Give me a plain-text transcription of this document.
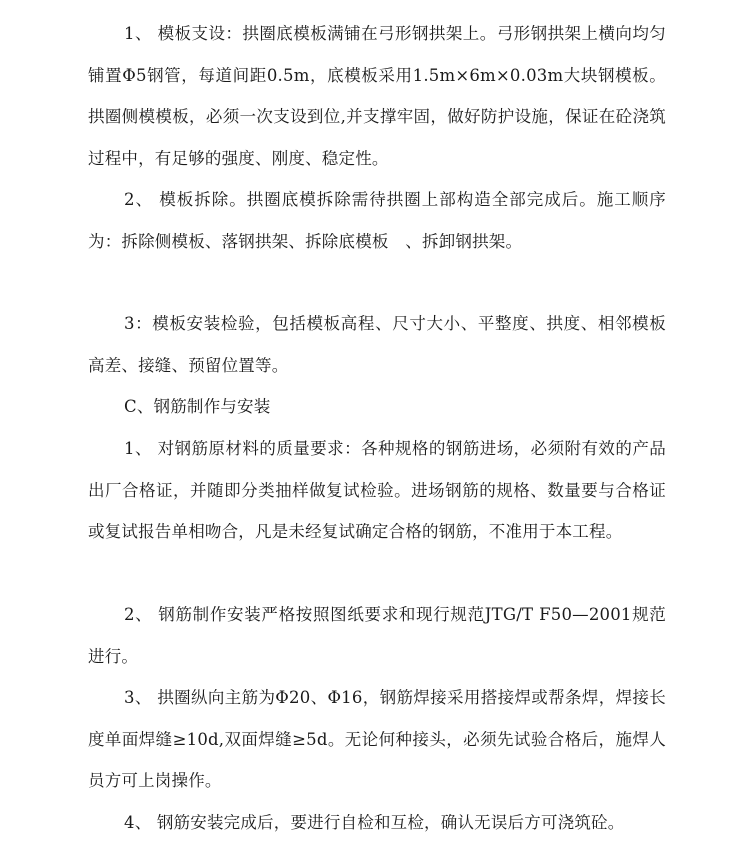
1、 模板支设：拱圈底模板满铺在弓形钢拱架上。弓形钢拱架上横向均匀铺置Φ5钢管，每道间距0.5m，底模板采用1.5m×6m×0.03m大块钢模板。拱圈侧模模板，必须一次支设到位,并支撑牢固，做好防护设施，保证在砼浇筑过程中，有足够的强度、刚度、稳定性。

2、 模板拆除。拱圈底模拆除需待拱圈上部构造全部完成后。施工顺序为：拆除侧模板、落钢拱架、拆除底模板　、拆卸钢拱架。

3：模板安装检验，包括模板高程、尺寸大小、平整度、拱度、相邻模板高差、接缝、预留位置等。

C、钢筋制作与安装

1、 对钢筋原材料的质量要求：各种规格的钢筋进场，必须附有效的产品出厂合格证，并随即分类抽样做复试检验。进场钢筋的规格、数量要与合格证或复试报告单相吻合，凡是未经复试确定合格的钢筋，不准用于本工程。

2、 钢筋制作安装严格按照图纸要求和现行规范JTG/T F50—2001规范进行。

3、 拱圈纵向主筋为Φ20、Φ16，钢筋焊接采用搭接焊或帮条焊，焊接长度单面焊缝≥10d,双面焊缝≥5d。无论何种接头，必须先试验合格后，施焊人员方可上岗操作。

4、 钢筋安装完成后，要进行自检和互检，确认无误后方可浇筑砼。
